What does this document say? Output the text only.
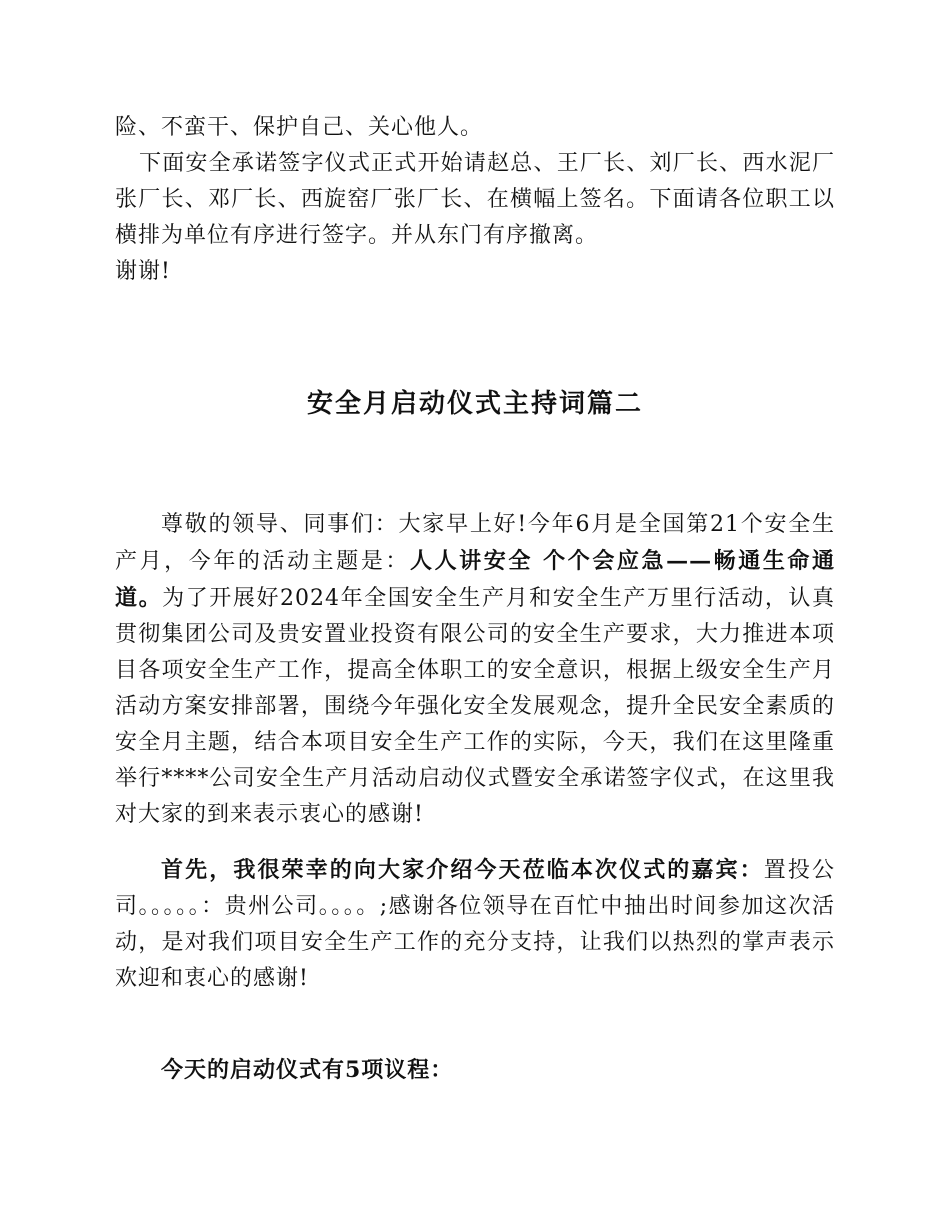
险、不蛮干、保护自己、关心他人。

下面安全承诺签字仪式正式开始请赵总、王厂长、刘厂长、西水泥厂张厂长、邓厂长、西旋窑厂张厂长、在横幅上签名。下面请各位职工以横排为单位有序进行签字。并从东门有序撤离。

谢谢!

安全月启动仪式主持词篇二

尊敬的领导、同事们：大家早上好!今年6月是全国第21个安全生产月，今年的活动主题是：人人讲安全 个个会应急——畅通生命通道。为了开展好2024年全国安全生产月和安全生产万里行活动，认真贯彻集团公司及贵安置业投资有限公司的安全生产要求，大力推进本项目各项安全生产工作，提高全体职工的安全意识，根据上级安全生产月活动方案安排部署，围绕今年强化安全发展观念，提升全民安全素质的安全月主题，结合本项目安全生产工作的实际，今天，我们在这里隆重举行****公司安全生产月活动启动仪式暨安全承诺签字仪式，在这里我对大家的到来表示衷心的感谢!

首先，我很荣幸的向大家介绍今天莅临本次仪式的嘉宾：置投公司。。。。。：贵州公司。。。。;感谢各位领导在百忙中抽出时间参加这次活动，是对我们项目安全生产工作的充分支持，让我们以热烈的掌声表示欢迎和衷心的感谢!

今天的启动仪式有5项议程：
